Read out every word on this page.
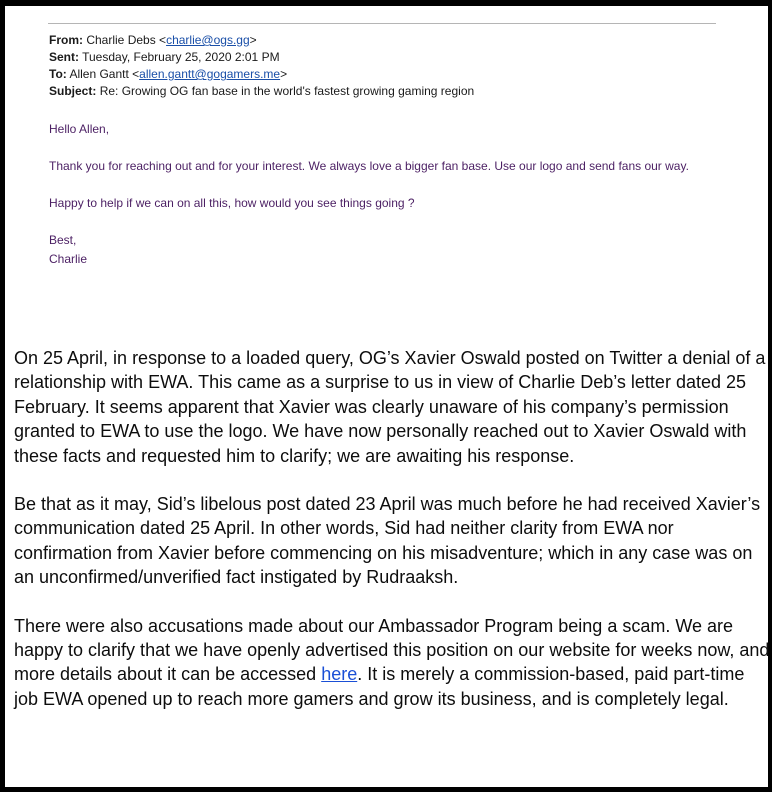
From: Charlie Debs <charlie@ogs.gg>
Sent: Tuesday, February 25, 2020 2:01 PM
To: Allen Gantt <allen.gantt@gogamers.me>
Subject: Re: Growing OG fan base in the world's fastest growing gaming region
Hello Allen,
Thank you for reaching out and for your interest. We always love a bigger fan base. Use our logo and send fans our way.
Happy to help if we can on all this, how would you see things going ?
Best,
Charlie

On 25 April, in response to a loaded query, OG’s Xavier Oswald posted on Twitter a denial of a relationship with EWA. This came as a surprise to us in view of Charlie Deb’s letter dated 25 February. It seems apparent that Xavier was clearly unaware of his company’s permission granted to EWA to use the logo. We have now personally reached out to Xavier Oswald with these facts and requested him to clarify; we are awaiting his response.

Be that as it may, Sid’s libelous post dated 23 April was much before he had received Xavier’s communication dated 25 April. In other words, Sid had neither clarity from EWA nor confirmation from Xavier before commencing on his misadventure; which in any case was on an unconfirmed/unverified fact instigated by Rudraaksh.

There were also accusations made about our Ambassador Program being a scam. We are happy to clarify that we have openly advertised this position on our website for weeks now, and more details about it can be accessed here. It is merely a commission-based, paid part-time job EWA opened up to reach more gamers and grow its business, and is completely legal.
